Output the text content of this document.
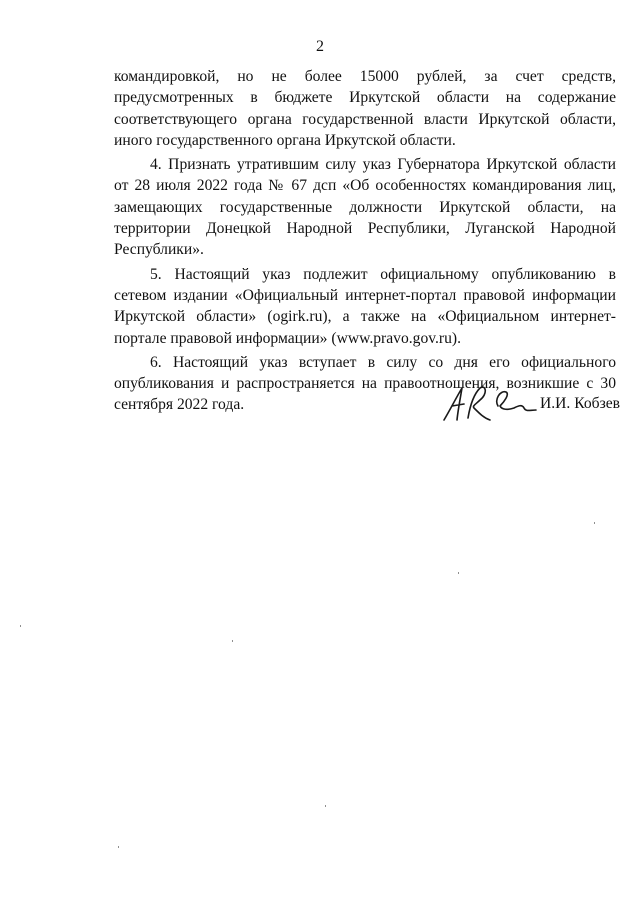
2

командировкой, но не более 15000 рублей, за счет средств, предусмотренных в бюджете Иркутской области на содержание соответствующего органа государственной власти Иркутской области, иного государственного органа Иркутской области.

4. Признать утратившим силу указ Губернатора Иркутской области от 28 июля 2022 года № 67 дсп «Об особенностях командирования лиц, замещающих государственные должности Иркутской области, на территории Донецкой Народной Республики, Луганской Народной Республики».

5. Настоящий указ подлежит официальному опубликованию в сетевом издании «Официальный интернет-портал правовой информации Иркутской области» (ogirk.ru), а также на «Официальном интернет-портале правовой информации» (www.pravo.gov.ru).

6. Настоящий указ вступает в силу со дня его официального опубликования и распространяется на правоотношения, возникшие с 30 сентября 2022 года.	И.И. Кобзев
